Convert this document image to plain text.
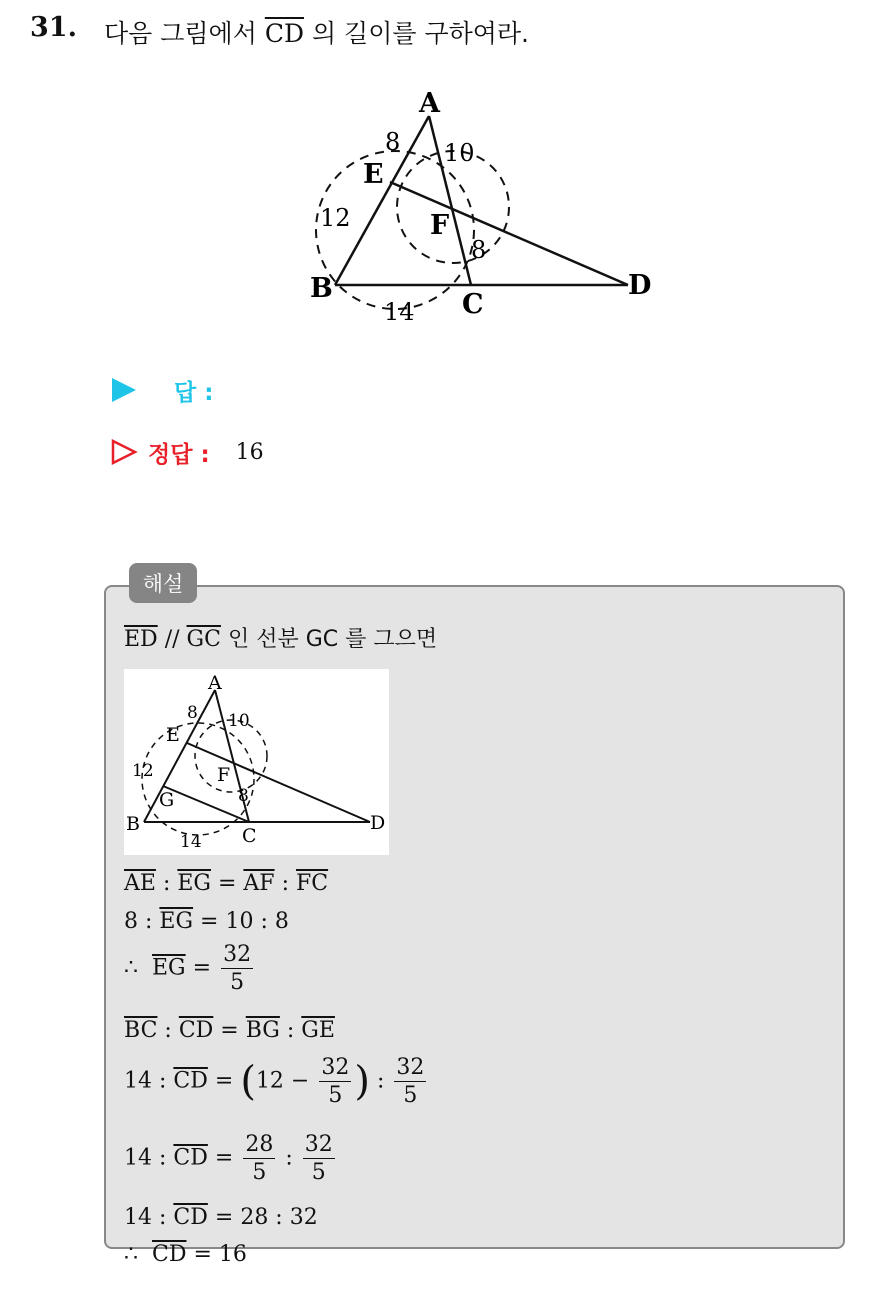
31. 다음 그림에서 $\overline{CD}$ 의 길이를 구하여라.
A
B
C
D
E
F
8 10
12
8
14
답 :
정답 : 16
해설
$\overline{ED} // \overline{GC}$ 인 선분 GC 를 그으면
A
B
C
D
E
F
G
8 10
12
8
14
$\overline{AE}$ : $\overline{EG} = \overline{AF}$ : $\overline{FC}$
8 : $\overline{EG} = 10$ : 8
∴ $\overline{EG} = \frac{32}{5}$
$\overline{BC}$ : $\overline{CD} = \overline{BG}$ : $\overline{GE}$
14 : $\overline{CD} = (12 - \frac{32}{5}$ ) : $\frac{32}{5}$
14 : $\overline{CD} = \frac{28}{5}$ : $\frac{32}{5}$
14 : $\overline{CD} = 28$ : 32
∴ $\overline{CD} = 16$
